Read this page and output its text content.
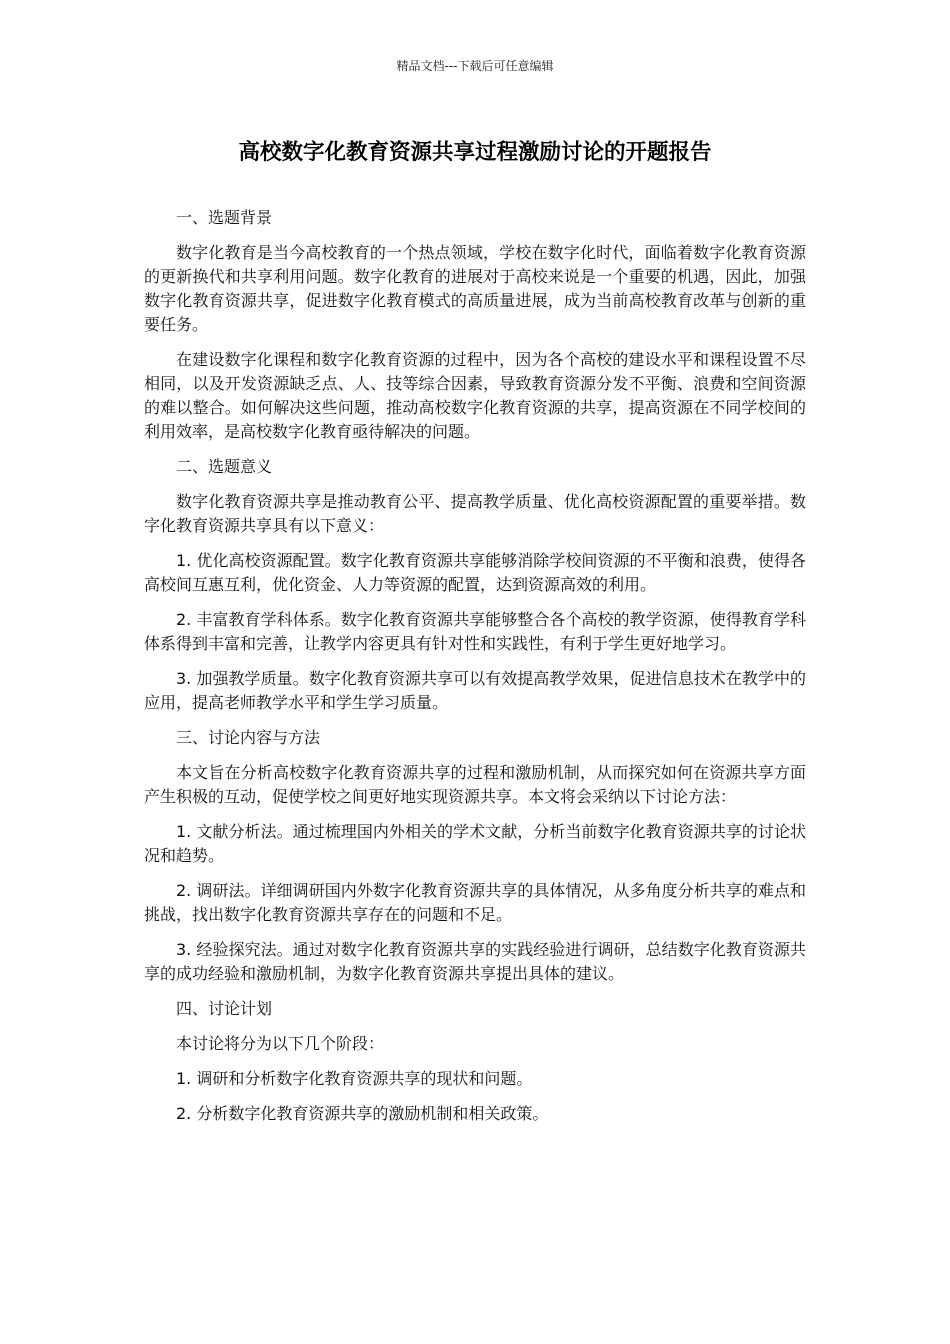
精品文档---下载后可任意编辑
高校数字化教育资源共享过程激励讨论的开题报告

一、选题背景

数字化教育是当今高校教育的一个热点领域，学校在数字化时代，面临着数字化教育资源的更新换代和共享利用问题。数字化教育的进展对于高校来说是一个重要的机遇，因此，加强数字化教育资源共享，促进数字化教育模式的高质量进展，成为当前高校教育改革与创新的重要任务。

在建设数字化课程和数字化教育资源的过程中，因为各个高校的建设水平和课程设置不尽相同，以及开发资源缺乏点、人、技等综合因素，导致教育资源分发不平衡、浪费和空间资源的难以整合。如何解决这些问题，推动高校数字化教育资源的共享，提高资源在不同学校间的利用效率，是高校数字化教育亟待解决的问题。

二、选题意义

数字化教育资源共享是推动教育公平、提高教学质量、优化高校资源配置的重要举措。数字化教育资源共享具有以下意义：

1. 优化高校资源配置。数字化教育资源共享能够消除学校间资源的不平衡和浪费，使得各高校间互惠互利，优化资金、人力等资源的配置，达到资源高效的利用。

2. 丰富教育学科体系。数字化教育资源共享能够整合各个高校的教学资源，使得教育学科体系得到丰富和完善，让教学内容更具有针对性和实践性，有利于学生更好地学习。

3. 加强教学质量。数字化教育资源共享可以有效提高教学效果，促进信息技术在教学中的应用，提高老师教学水平和学生学习质量。

三、讨论内容与方法

本文旨在分析高校数字化教育资源共享的过程和激励机制，从而探究如何在资源共享方面产生积极的互动，促使学校之间更好地实现资源共享。本文将会采纳以下讨论方法：

1. 文献分析法。通过梳理国内外相关的学术文献，分析当前数字化教育资源共享的讨论状况和趋势。

2. 调研法。详细调研国内外数字化教育资源共享的具体情况，从多角度分析共享的难点和挑战，找出数字化教育资源共享存在的问题和不足。

3. 经验探究法。通过对数字化教育资源共享的实践经验进行调研，总结数字化教育资源共享的成功经验和激励机制，为数字化教育资源共享提出具体的建议。

四、讨论计划

本讨论将分为以下几个阶段：

1. 调研和分析数字化教育资源共享的现状和问题。

2. 分析数字化教育资源共享的激励机制和相关政策。
